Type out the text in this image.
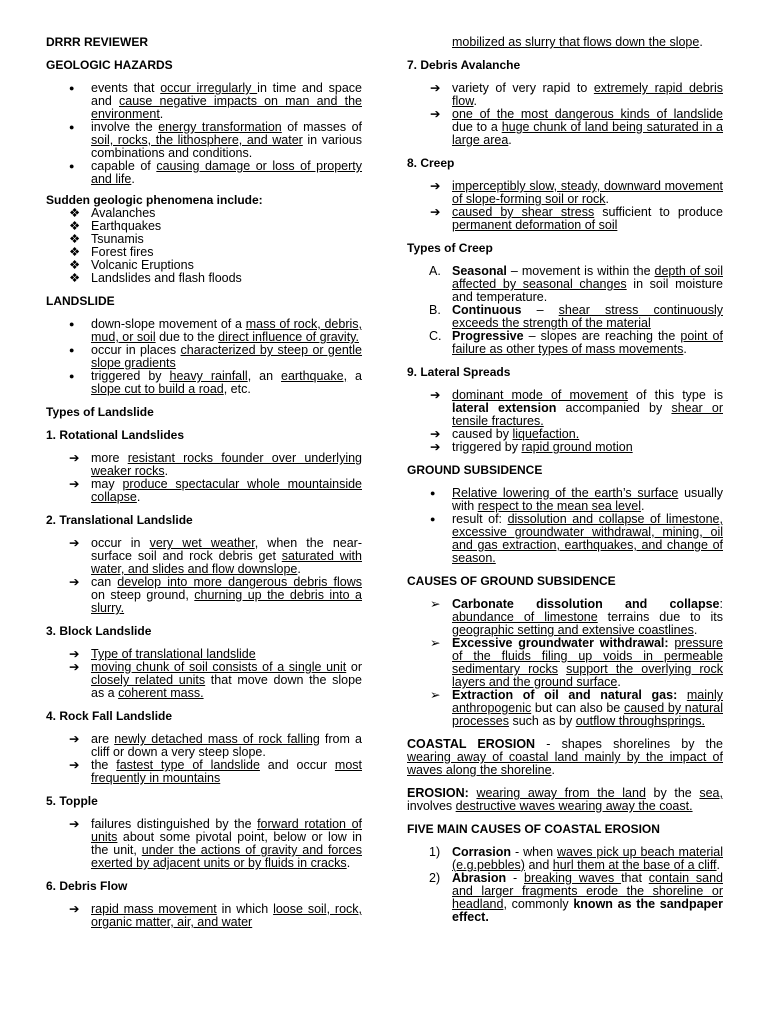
DRRR REVIEWER
GEOLOGIC HAZARDS
● events that occur irregularly in time and space and cause negative impacts on man and the environment.
● involve the energy transformation of masses of soil, rocks, the lithosphere, and water in various combinations and conditions.
● capable of causing damage or loss of property and life.
Sudden geologic phenomena include:
❖ Avalanches
❖ Earthquakes
❖ Tsunamis
❖ Forest fires
❖ Volcanic Eruptions
❖ Landslides and flash floods
LANDSLIDE
● down-slope movement of a mass of rock, debris, mud, or soil due to the direct influence of gravity.
● occur in places characterized by steep or gentle slope gradients
● triggered by heavy rainfall, an earthquake, a slope cut to build a road, etc.
Types of Landslide
1. Rotational Landslides
➔ more resistant rocks founder over underlying weaker rocks.
➔ may produce spectacular whole mountainside collapse.
2. Translational Landslide
➔ occur in very wet weather, when the near-surface soil and rock debris get saturated with water, and slides and flow downslope.
➔ can develop into more dangerous debris flows on steep ground, churning up the debris into a slurry.
3. Block Landslide
➔ Type of translational landslide
➔ moving chunk of soil consists of a single unit or closely related units that move down the slope as a coherent mass.
4. Rock Fall Landslide
➔ are newly detached mass of rock falling from a cliff or down a very steep slope.
➔ the fastest type of landslide and occur most frequently in mountains
5. Topple
➔ failures distinguished by the forward rotation of units about some pivotal point, below or low in the unit, under the actions of gravity and forces exerted by adjacent units or by fluids in cracks.
6. Debris Flow
➔ rapid mass movement in which loose soil, rock, organic matter, air, and water
mobilized as slurry that flows down the slope.
7. Debris Avalanche
➔ variety of very rapid to extremely rapid debris flow.
➔ one of the most dangerous kinds of landslide due to a huge chunk of land being saturated in a large area.
8. Creep
➔ imperceptibly slow, steady, downward movement of slope-forming soil or rock.
➔ caused by shear stress sufficient to produce permanent deformation of soil
Types of Creep
A. Seasonal – movement is within the depth of soil affected by seasonal changes in soil moisture and temperature.
B. Continuous – shear stress continuously exceeds the strength of the material
C. Progressive – slopes are reaching the point of failure as other types of mass movements.
9. Lateral Spreads
➔ dominant mode of movement of this type is lateral extension accompanied by shear or tensile fractures.
➔ caused by liquefaction.
➔ triggered by rapid ground motion
GROUND SUBSIDENCE
● Relative lowering of the earth’s surface usually with respect to the mean sea level.
● result of: dissolution and collapse of limestone, excessive groundwater withdrawal, mining, oil and gas extraction, earthquakes, and change of season.
CAUSES OF GROUND SUBSIDENCE
➢ Carbonate dissolution and collapse: abundance of limestone terrains due to its geographic setting and extensive coastlines.
➢ Excessive groundwater withdrawal: pressure of the fluids filing up voids in permeable sedimentary rocks support the overlying rock layers and the ground surface.
➢ Extraction of oil and natural gas: mainly anthropogenic but can also be caused by natural processes such as by outflow throughsprings.
COASTAL EROSION - shapes shorelines by the wearing away of coastal land mainly by the impact of waves along the shoreline.
EROSION: wearing away from the land by the sea, involves destructive waves wearing away the coast.
FIVE MAIN CAUSES OF COASTAL EROSION
1) Corrasion - when waves pick up beach material (e.g.pebbles) and hurl them at the base of a cliff.
2) Abrasion - breaking waves that contain sand and larger fragments erode the shoreline or headland, commonly known as the sandpaper effect.
